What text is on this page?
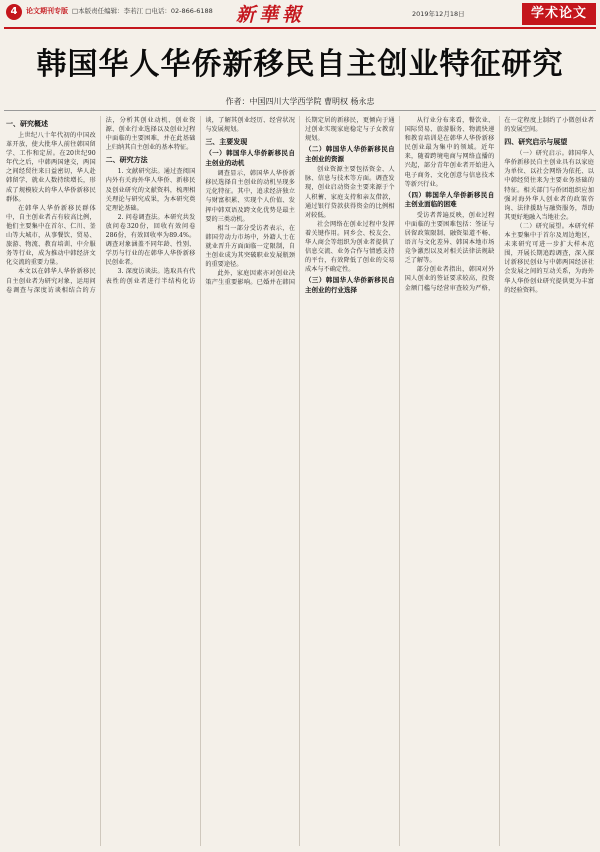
4	论文期刊专版 □本版责任编辑：李若江 □电话：02-866-6188 新華報	2019年12月18日	学术论文
韩国华人华侨新移民自主创业特征研究
作者：中国四川大学西学院 曹明权 杨永忠
一、研究概述

上世纪八十年代初的中国改革开放，使大批华人前往韩国留学、工作和定居。在20世纪90年代之后，中韩两国建交，两国之间经贸往来日益密切，华人赴韩留学、就业人数持续增长，形成了规模较大的华人华侨新移民群体。

在韩华人华侨新移民群体中，自主创业者占有较高比例，他们主要集中在首尔、仁川、釜山等大城市，从事餐饮、贸易、旅游、物流、教育培训、中介服务等行业，成为推动中韩经济文化交流的重要力量。

本文以在韩华人华侨新移民自主创业者为研究对象，运用问卷调查与深度访谈相结合的方法，分析其创业动机、创业资源、创业行业选择以及创业过程中面临的主要困难，并在此基础上归纳其自主创业的基本特征。

二、研究方法

1. 文献研究法。通过查阅国内外有关海外华人华侨、新移民及创业研究的文献资料，梳理相关理论与研究成果，为本研究奠定理论基础。

2. 问卷调查法。本研究共发放问卷320份，回收有效问卷286份，有效回收率为89.4%。调查对象涵盖不同年龄、性别、学历与行业的在韩华人华侨新移民创业者。

3. 深度访谈法。选取具有代表性的创业者进行半结构化访谈，了解其创业经历、经营状况与发展规划。

三、主要发现
（一）韩国华人华侨新移民自主创业的动机

调查显示，韩国华人华侨新移民选择自主创业的动机呈现多元化特征。其中，追求经济独立与财富积累、实现个人价值、发挥中韩双语及跨文化优势是最主要的三类动机。

相当一部分受访者表示，在韩国劳动力市场中，外籍人士在就业晋升方面面临一定限制，自主创业成为其突破职业发展瓶颈的重要途径。

此外，家庭因素亦对创业决策产生重要影响。已婚并在韩国长期定居的新移民，更倾向于通过创业实现家庭稳定与子女教育规划。

（二）韩国华人华侨新移民自主创业的资源

创业资源主要包括资金、人脉、信息与技术等方面。调查发现，创业启动资金主要来源于个人积蓄、家庭支持和亲友借款，通过银行贷款获得资金的比例相对较低。

社会网络在创业过程中发挥着关键作用。同乡会、校友会、华人商会等组织为创业者提供了信息交流、业务合作与情感支持的平台，有效降低了创业的交易成本与不确定性。

（三）韩国华人华侨新移民自主创业的行业选择

从行业分布来看，餐饮业、国际贸易、旅游服务、物流快递和教育培训是在韩华人华侨新移民创业最为集中的领域。近年来，随着跨境电商与网络直播的兴起，部分青年创业者开始进入电子商务、文化创意与信息技术等新兴行业。

（四）韩国华人华侨新移民自主创业面临的困难

受访者普遍反映，创业过程中面临的主要困难包括：签证与居留政策限制、融资渠道不畅、语言与文化差异、韩国本地市场竞争激烈以及对相关法律法规缺乏了解等。

部分创业者指出，韩国对外国人创业的签证要求较高，投资金额门槛与经营审查较为严格，在一定程度上制约了小微创业者的发展空间。

四、研究启示与展望

（一）研究启示。韩国华人华侨新移民自主创业具有以家庭为单位、以社会网络为依托、以中韩经贸往来为主要业务基础的特征。相关部门与侨团组织应加强对海外华人创业者的政策咨询、法律援助与融资服务，帮助其更好地融入当地社会。

（二）研究展望。本研究样本主要集中于首尔及周边地区，未来研究可进一步扩大样本范围，开展长期追踪调查，深入探讨新移民创业与中韩两国经济社会发展之间的互动关系，为海外华人华侨创业研究提供更为丰富的经验资料。
